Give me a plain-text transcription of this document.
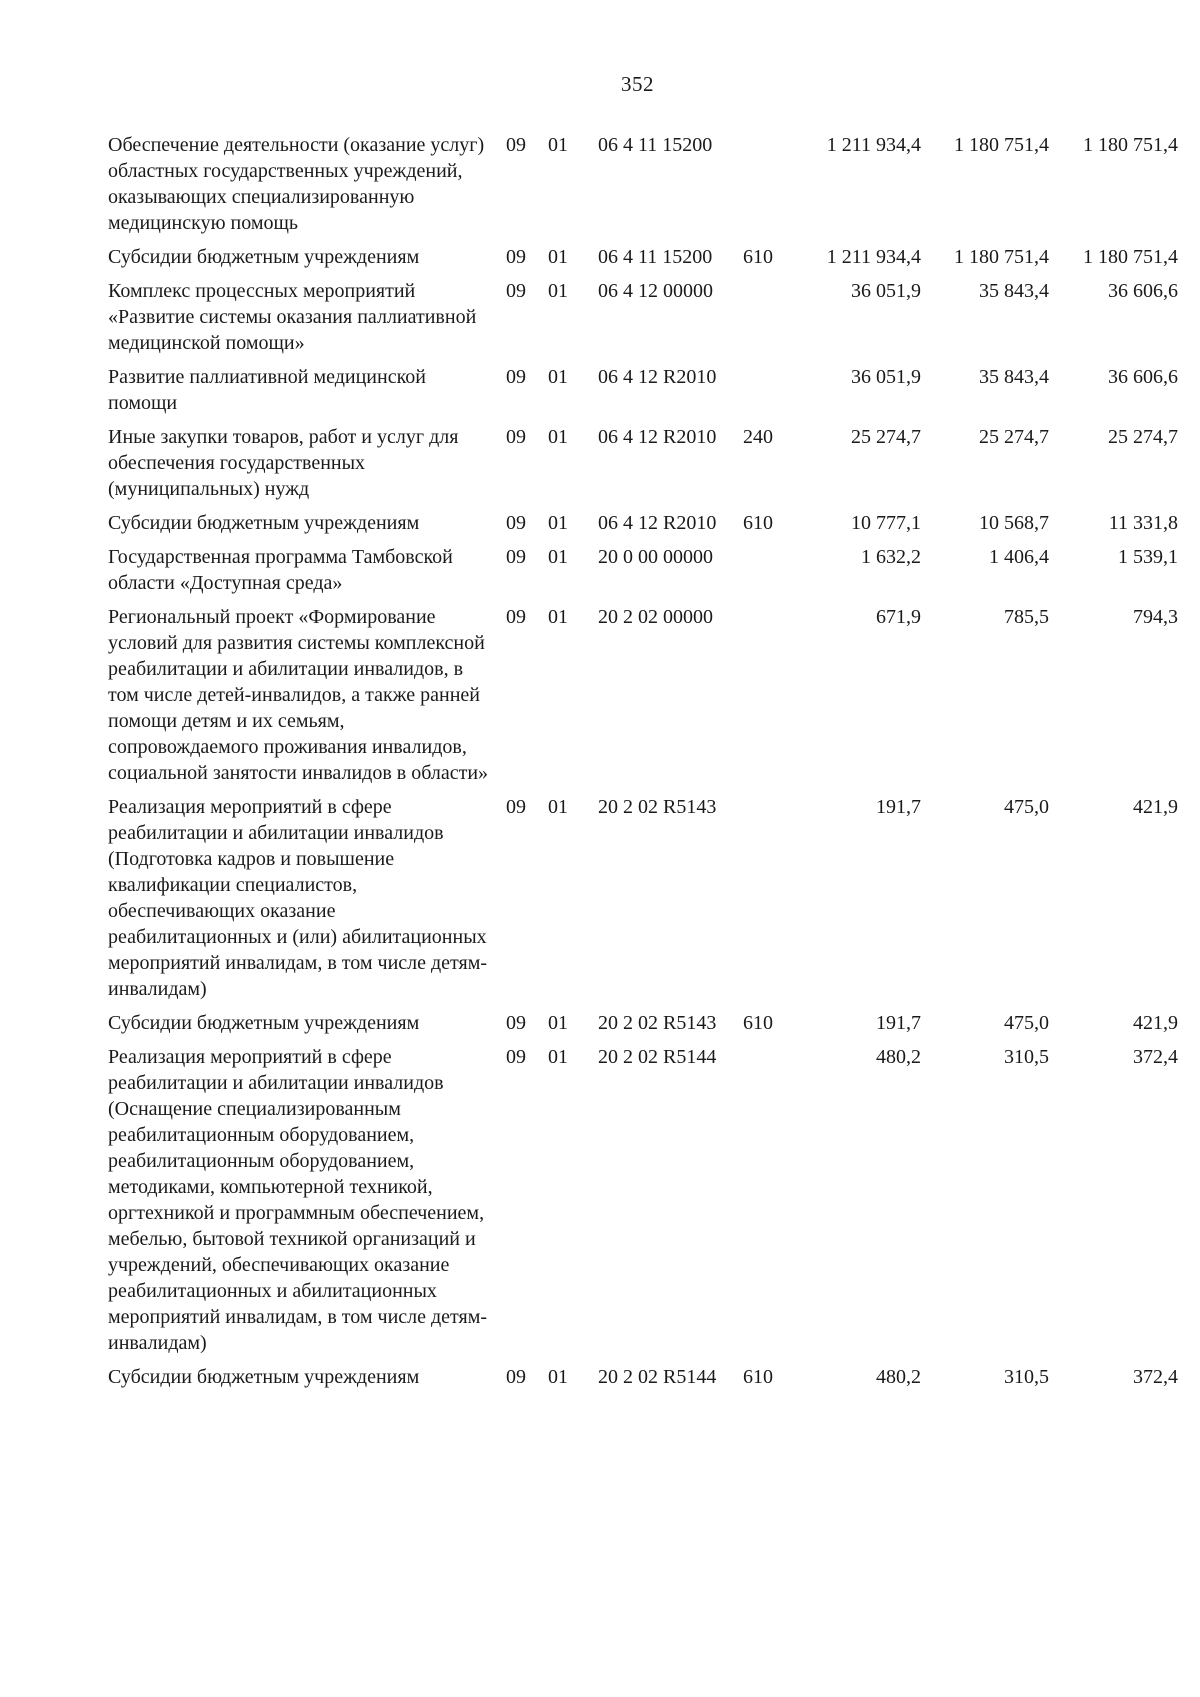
352
Обеспечение деятельности (оказание услуг) областных государственных учреждений, оказывающих специализированную медицинскую помощь	09	01	06 4 11 15200		1 211 934,4	1 180 751,4	1 180 751,4
Субсидии бюджетным учреждениям	09	01	06 4 11 15200	610	1 211 934,4	1 180 751,4	1 180 751,4
Комплекс процессных мероприятий «Развитие системы оказания паллиативной медицинской помощи»	09	01	06 4 12 00000		36 051,9	35 843,4	36 606,6
Развитие паллиативной медицинской помощи	09	01	06 4 12 R2010		36 051,9	35 843,4	36 606,6
Иные закупки товаров, работ и услуг для обеспечения государственных (муниципальных) нужд	09	01	06 4 12 R2010	240	25 274,7	25 274,7	25 274,7
Субсидии бюджетным учреждениям	09	01	06 4 12 R2010	610	10 777,1	10 568,7	11 331,8
Государственная программа Тамбовской области «Доступная среда»	09	01	20 0 00 00000		1 632,2	1 406,4	1 539,1
Региональный проект «Формирование условий для развития системы комплексной реабилитации и абилитации инвалидов, в том числе детей-инвалидов, а также ранней помощи детям и их семьям, сопровождаемого проживания инвалидов, социальной занятости инвалидов в области»	09	01	20 2 02 00000		671,9	785,5	794,3
Реализация мероприятий в сфере реабилитации и абилитации инвалидов (Подготовка кадров и повышение квалификации специалистов, обеспечивающих оказание реабилитационных и (или) абилитационных мероприятий инвалидам, в том числе детям-инвалидам)	09	01	20 2 02 R5143		191,7	475,0	421,9
Субсидии бюджетным учреждениям	09	01	20 2 02 R5143	610	191,7	475,0	421,9
Реализация мероприятий в сфере реабилитации и абилитации инвалидов (Оснащение специализированным реабилитационным оборудованием, реабилитационным оборудованием, методиками, компьютерной техникой, оргтехникой и программным обеспечением, мебелью, бытовой техникой организаций и учреждений, обеспечивающих оказание реабилитационных и абилитационных мероприятий инвалидам, в том числе детям-инвалидам)	09	01	20 2 02 R5144		480,2	310,5	372,4
Субсидии бюджетным учреждениям	09	01	20 2 02 R5144	610	480,2	310,5	372,4
